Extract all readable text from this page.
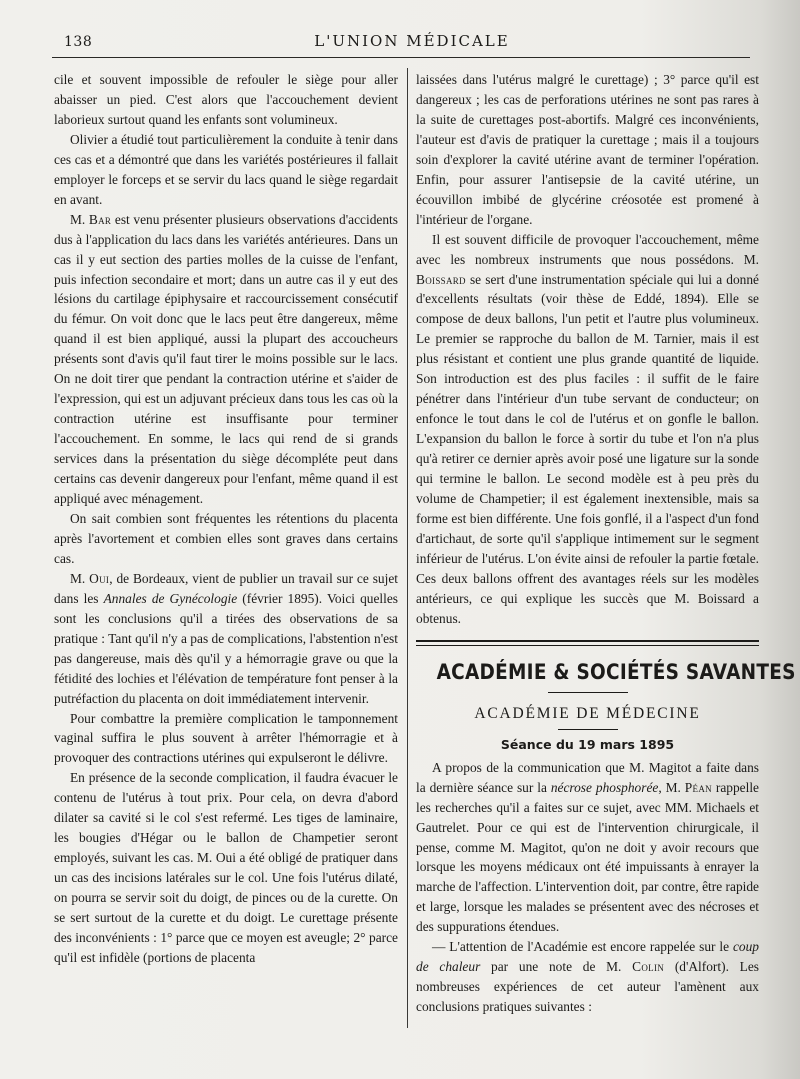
138	L'UNION MÉDICALE

cile et souvent impossible de refouler le siège pour aller abaisser un pied. C'est alors que l'accouchement devient laborieux surtout quand les enfants sont volumineux.

Olivier a étudié tout particulièrement la conduite à tenir dans ces cas et a démontré que dans les variétés postérieures il fallait employer le forceps et se servir du lacs quand le siège regardait en avant.

M. Bar est venu présenter plusieurs observations d'accidents dus à l'application du lacs dans les variétés antérieures. Dans un cas il y eut section des parties molles de la cuisse de l'enfant, puis infection secondaire et mort; dans un autre cas il y eut des lésions du cartilage épiphysaire et raccourcissement consécutif du fémur. On voit donc que le lacs peut être dangereux, même quand il est bien appliqué, aussi la plupart des accoucheurs présents sont d'avis qu'il faut tirer le moins possible sur le lacs. On ne doit tirer que pendant la contraction utérine et s'aider de l'expression, qui est un adjuvant précieux dans tous les cas où la contraction utérine est insuffisante pour terminer l'accouchement. En somme, le lacs qui rend de si grands services dans la présentation du siège décompléte peut dans certains cas devenir dangereux pour l'enfant, même quand il est appliqué avec ménagement.

On sait combien sont fréquentes les rétentions du placenta après l'avortement et combien elles sont graves dans certains cas.

M. Oui, de Bordeaux, vient de publier un travail sur ce sujet dans les Annales de Gynécologie (février 1895). Voici quelles sont les conclusions qu'il a tirées des observations de sa pratique : Tant qu'il n'y a pas de complications, l'abstention n'est pas dangereuse, mais dès qu'il y a hémorragie grave ou que la fétidité des lochies et l'élévation de température font penser à la putréfaction du placenta on doit immédiatement intervenir.

Pour combattre la première complication le tamponnement vaginal suffira le plus souvent à arrêter l'hémorragie et à provoquer des contractions utérines qui expulseront le délivre.

En présence de la seconde complication, il faudra évacuer le contenu de l'utérus à tout prix. Pour cela, on devra d'abord dilater sa cavité si le col s'est refermé. Les tiges de laminaire, les bougies d'Hégar ou le ballon de Champetier seront employés, suivant les cas. M. Oui a été obligé de pratiquer dans un cas des incisions latérales sur le col. Une fois l'utérus dilaté, on pourra se servir soit du doigt, de pinces ou de la curette. On se sert surtout de la curette et du doigt. Le curettage présente des inconvénients : 1° parce que ce moyen est aveugle; 2° parce qu'il est infidèle (portions de placenta

laissées dans l'utérus malgré le curettage) ; 3° parce qu'il est dangereux ; les cas de perforations utérines ne sont pas rares à la suite de curettages post-abortifs. Malgré ces inconvénients, l'auteur est d'avis de pratiquer la curettage ; mais il a toujours soin d'explorer la cavité utérine avant de terminer l'opération. Enfin, pour assurer l'antisepsie de la cavité utérine, un écouvillon imbibé de glycérine créosotée est promené à l'intérieur de l'organe.

Il est souvent difficile de provoquer l'accouchement, même avec les nombreux instruments que nous possédons. M. Boissard se sert d'une instrumentation spéciale qui lui a donné d'excellents résultats (voir thèse de Eddé, 1894). Elle se compose de deux ballons, l'un petit et l'autre plus volumineux. Le premier se rapproche du ballon de M. Tarnier, mais il est plus résistant et contient une plus grande quantité de liquide. Son introduction est des plus faciles : il suffit de le faire pénétrer dans l'intérieur d'un tube servant de conducteur; on enfonce le tout dans le col de l'utérus et on gonfle le ballon. L'expansion du ballon le force à sortir du tube et l'on n'a plus qu'à retirer ce dernier après avoir posé une ligature sur la sonde qui termine le ballon. Le second modèle est à peu près du volume de Champetier; il est également inextensible, mais sa forme est bien différente. Une fois gonflé, il a l'aspect d'un fond d'artichaut, de sorte qu'il s'applique intimement sur le segment inférieur de l'utérus. L'on évite ainsi de refouler la partie fœtale. Ces deux ballons offrent des avantages réels sur les modèles antérieurs, ce qui explique les succès que M. Boissard a obtenus.

ACADÉMIE & SOCIÉTÉS SAVANTES
ACADÉMIE DE MÉDECINE
Séance du 19 mars 1895

A propos de la communication que M. Magitot a faite dans la dernière séance sur la nécrose phosphorée, M. Péan rappelle les recherches qu'il a faites sur ce sujet, avec MM. Michaels et Gautrelet. Pour ce qui est de l'intervention chirurgicale, il pense, comme M. Magitot, qu'on ne doit y avoir recours que lorsque les moyens médicaux ont été impuissants à enrayer la marche de l'affection. L'intervention doit, par contre, être rapide et large, lorsque les malades se présentent avec des nécroses et des suppurations étendues.

— L'attention de l'Académie est encore rappelée sur le coup de chaleur par une note de M. Colin (d'Alfort). Les nombreuses expériences de cet auteur l'amènent aux conclusions pratiques suivantes :
